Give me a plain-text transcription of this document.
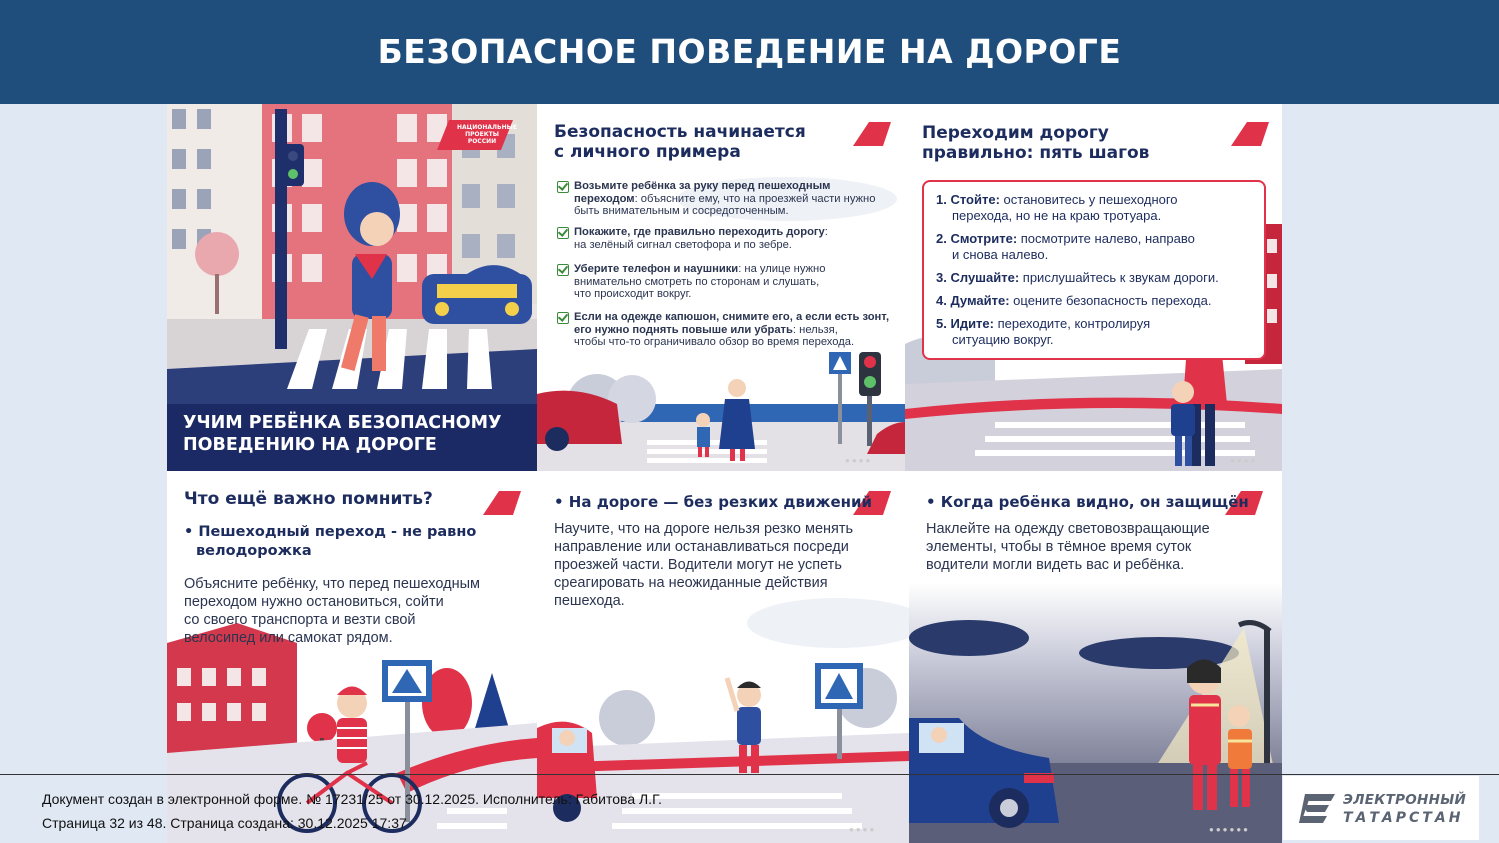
БЕЗОПАСНОЕ ПОВЕДЕНИЕ НА ДОРОГЕ
НАЦИОНАЛЬНЫЕ ПРОЕКТЫ РОССИИ
УЧИМ РЕБЁНКА БЕЗОПАСНОМУ
ПОВЕДЕНИЮ НА ДОРОГЕ
Безопасность начинается
с личного примера
Возьмите ребёнка за руку перед пешеходным
переходом: объясните ему, что на проезжей части нужно
быть внимательным и сосредоточенным.
Покажите, где правильно переходить дорогу:
на зелёный сигнал светофора и по зебре.
Уберите телефон и наушники: на улице нужно
внимательно смотреть по сторонам и слушать,
что происходит вокруг.
Если на одежде капюшон, снимите его, а если есть зонт,
его нужно поднять повыше или убрать: нельзя,
чтобы что-то ограничивало обзор во время перехода.
●●●●
Переходим дорогу
правильно: пять шагов
1. Стойте: остановитесь у пешеходного
перехода, но не на краю тротуара.
2. Смотрите: посмотрите налево, направо
и снова налево.
3. Слушайте: прислушайтесь к звукам дороги.
4. Думайте: оцените безопасность перехода.
5. Идите: переходите, контролируя
ситуацию вокруг.
●●●●
Что ещё важно помнить?
• Пешеходный переход - не равно
велодорожка
Объясните ребёнку, что перед пешеходным
переходом нужно остановиться, сойти
со своего транспорта и везти свой
велосипед или самокат рядом.
• На дороге — без резких движений
Научите, что на дороге нельзя резко менять
направление или останавливаться посреди
проезжей части. Водители могут не успеть
среагировать на неожиданные действия
пешехода.
●●●●
• Когда ребёнка видно, он защищён
Наклейте на одежду световозвращающие
элементы, чтобы в тёмное время суток
водители могли видеть вас и ребёнка.
●●●●●●
Документ создан в электронной форме. № 17231/25 от 30.12.2025. Исполнитель: Габитова Л.Г.
Страница 32 из 48. Страница создана: 30.12.2025 17:37
ЭЛЕКТРОННЫЙ
ТАТАРСТАН
